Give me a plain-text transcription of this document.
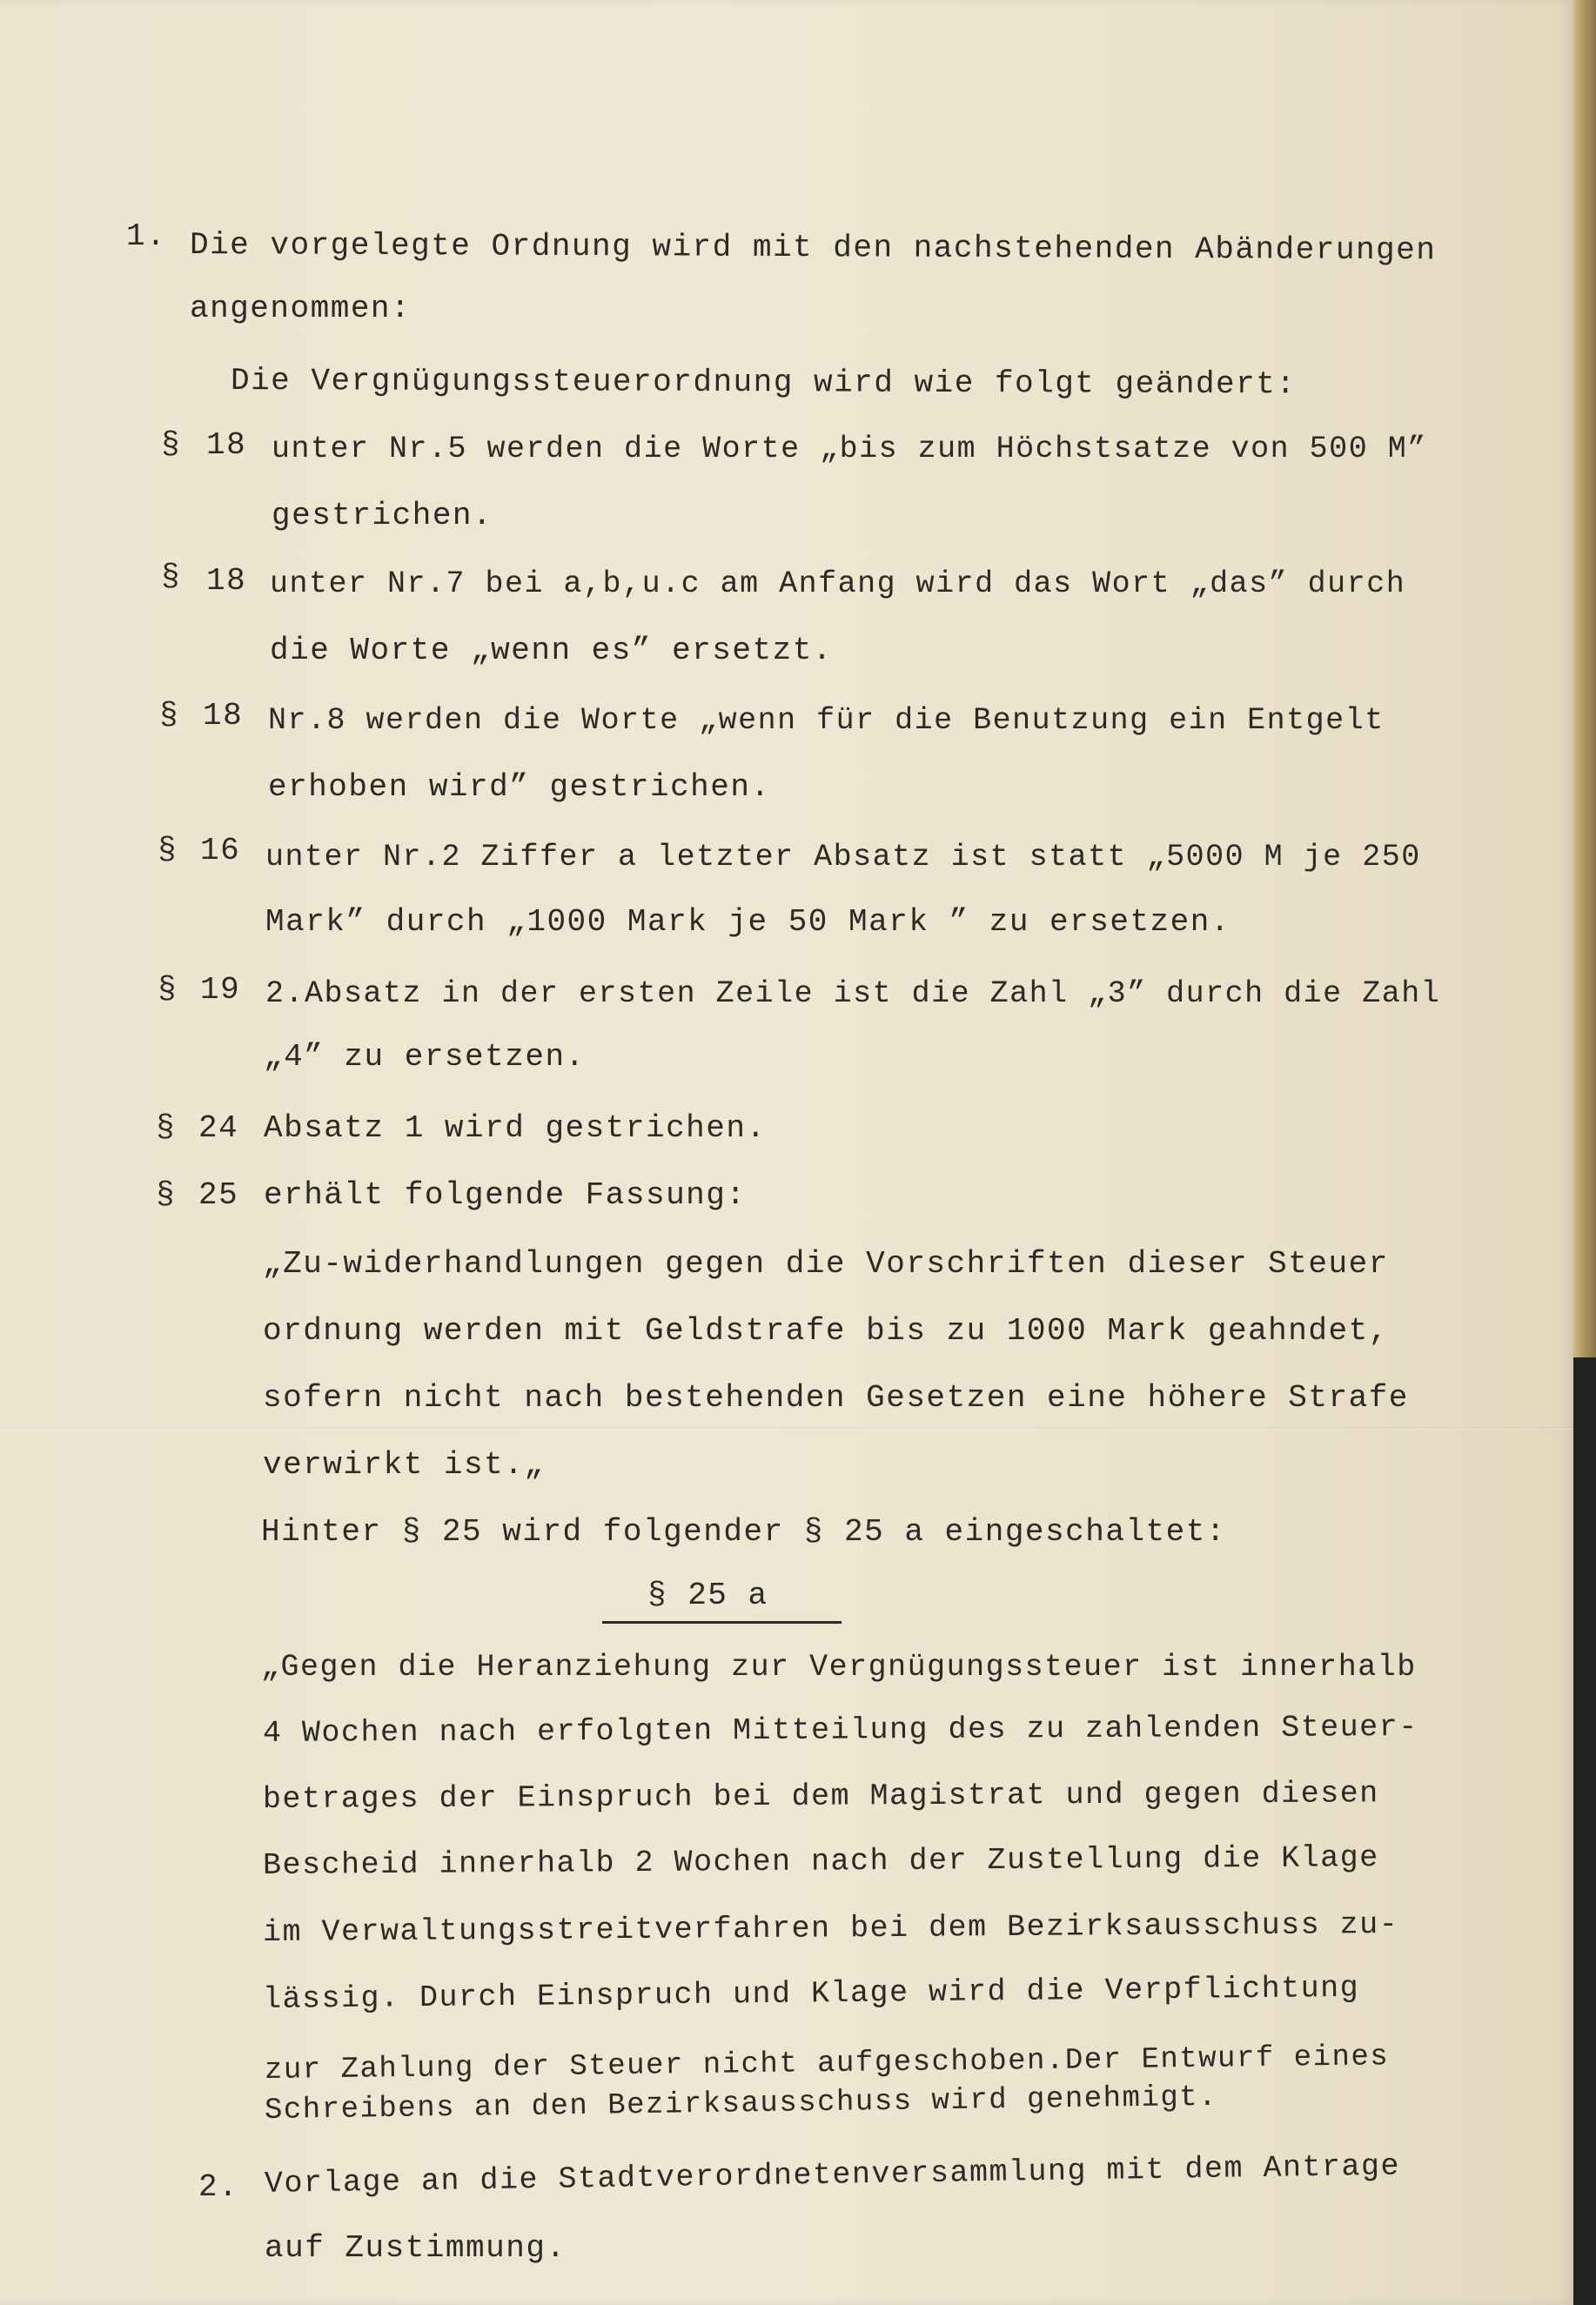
1. Die vorgelegte Ordnung wird mit den nachstehenden Abänderungen
angenommen:
Die Vergnügungssteuerordnung wird wie folgt geändert:
§ 18 unter Nr.5 werden die Worte „bis zum Höchstsatze von 500 M”
gestrichen.
§ 18 unter Nr.7 bei a,b,u.c am Anfang wird das Wort „das” durch
die Worte „wenn es” ersetzt.
§ 18 Nr.8 werden die Worte „wenn für die Benutzung ein Entgelt
erhoben wird” gestrichen.
§ 16 unter Nr.2 Ziffer a letzter Absatz ist statt „5000 M je 250
Mark” durch „1000 Mark je 50 Mark ” zu ersetzen.
§ 19 2.Absatz in der ersten Zeile ist die Zahl „3” durch die Zahl
„4” zu ersetzen.
§ 24 Absatz 1 wird gestrichen.
§ 25 erhält folgende Fassung:
„Zu-widerhandlungen gegen die Vorschriften dieser Steuer
ordnung werden mit Geldstrafe bis zu 1000 Mark geahndet,
sofern nicht nach bestehenden Gesetzen eine höhere Strafe
verwirkt ist.„
Hinter § 25 wird folgender § 25 a eingeschaltet:
§ 25 a
„Gegen die Heranziehung zur Vergnügungssteuer ist innerhalb
4 Wochen nach erfolgten Mitteilung des zu zahlenden Steuer-
betrages der Einspruch bei dem Magistrat und gegen diesen
Bescheid innerhalb 2 Wochen nach der Zustellung die Klage
im Verwaltungsstreitverfahren bei dem Bezirksausschuss zu-
lässig. Durch Einspruch und Klage wird die Verpflichtung
zur Zahlung der Steuer nicht aufgeschoben.Der Entwurf eines
Schreibens an den Bezirksausschuss wird genehmigt.
2. Vorlage an die Stadtverordnetenversammlung mit dem Antrage
auf Zustimmung.
